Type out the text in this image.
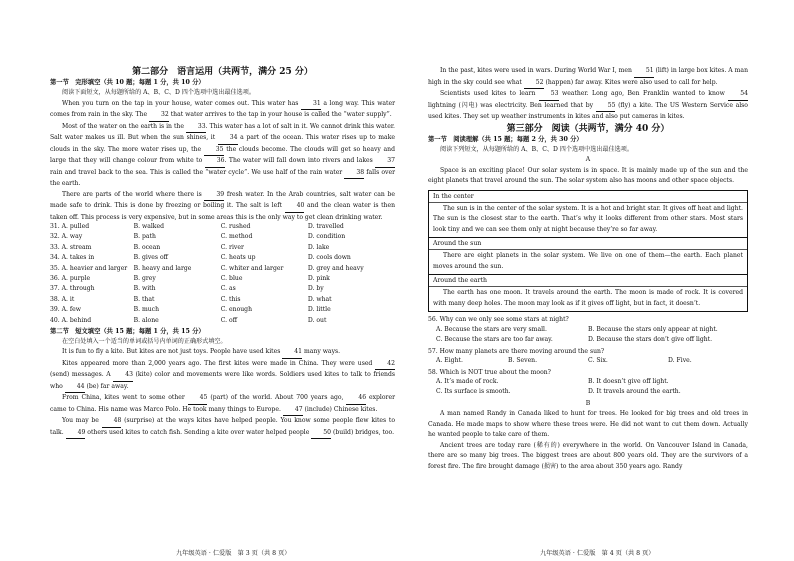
第二部分　语言运用（共两节，满分 25 分）
第一节　完形填空（共 10 题；每题 1 分，共 10 分）
阅读下面短文，从每题所给的 A、B、C、D 四个选项中选出最佳选项。
When you turn on the tap in your house, water comes out. This water has 31 a long way. This water comes from rain in the sky. The 32 that water arrives to the tap in your house is called the “water supply”.
Most of the water on the earth is in the 33. This water has a lot of salt in it. We cannot drink this water. Salt water makes us ill. But when the sun shines, it 34 a part of the ocean. This water rises up to make clouds in the sky. The more water rises up, the 35 the clouds become. The clouds will get so heavy and large that they will change colour from white to 36. The water will fall down into rivers and lakes 37 rain and travel back to the sea. This is called the “water cycle”. We use half of the rain water 38 falls over the earth.
There are parts of the world where there is 39 fresh water. In the Arab countries, salt water can be made safe to drink. This is done by freezing or boiling it. The salt is left 40 and the clean water is then taken off. This process is very expensive, but in some areas this is the only way to get clean drinking water.
31. A. pulled	B. walked	C. rushed	D. travelled
32. A. way	B. path	C. method	D. condition
33. A. stream	B. ocean	C. river	D. lake
34. A. takes in	B. gives off	C. heats up	D. cools down
35. A. heavier and larger	B. heavy and large	C. whiter and larger	D. grey and heavy
36. A. purple	B. grey	C. blue	D. pink
37. A. through	B. with	C. as	D. by
38. A. it	B. that	C. this	D. what
39. A. few	B. much	C. enough	D. little
40. A. behind	B. alone	C. off	D. out
第二节　短文填空（共 15 题；每题 1 分，共 15 分）
在空白处填入一个适当的单词或括号内单词的正确形式填空。
It is fun to fly a kite. But kites are not just toys. People have used kites 41 many ways.
Kites appeared more than 2,000 years ago. The first kites were made in China. They were used 42 (send) messages. A 43 (kite) color and movements were like words. Soldiers used kites to talk to friends who 44 (be) far away.
From China, kites went to some other 45 (part) of the world. About 700 years ago, 46 explorer came to China. His name was Marco Polo. He took many things to Europe. 47 (include) Chinese kites.
You may be 48 (surprise) at the ways kites have helped people. You know some people flew kites to talk. 49 others used kites to catch fish. Sending a kite over water helped people 50 (build) bridges, too.
In the past, kites were used in wars. During World War I, men 51 (lift) in large box kites. A man high in the sky could see what 52 (happen) far away. Kites were also used to call for help.
Scientists used kites to learn 53 weather. Long ago, Ben Franklin wanted to know 54 lightning (闪电) was electricity. Ben learned that by 55 (fly) a kite. The US Western Service also used kites. They set up weather instruments in kites and also put cameras in kites.
第三部分　阅读（共两节，满分 40 分）
第一节　阅读理解（共 15 题；每题 2 分，共 30 分）
阅读下列短文，从每题所给的 A、B、C、D 四个选项中选出最佳选项。
A
Space is an exciting place! Our solar system is in space. It is mainly made up of the sun and the eight planets that travel around the sun. The solar system also has moons and other space objects.
In the center
The sun is in the center of the solar system. It is a hot and bright star. It gives off heat and light. The sun is the closest star to the earth. That’s why it looks different from other stars. Most stars look tiny and we can see them only at night because they’re so far away.
Around the sun
There are eight planets in the solar system. We live on one of them—the earth. Each planet moves around the sun.
Around the earth
The earth has one moon. It travels around the earth. The moon is made of rock. It is covered with many deep holes. The moon may look as if it gives off light, but in fact, it doesn’t.
56. Why can we only see some stars at night?
A. Because the stars are very small.	B. Because the stars only appear at night.
C. Because the stars are too far away.	D. Because the stars don’t give off light.
57. How many planets are there moving around the sun?
A. Eight.	B. Seven.	C. Six.	D. Five.
58. Which is NOT true about the moon?
A. It’s made of rock.	B. It doesn’t give off light.
C. Its surface is smooth.	D. It travels around the earth.
B
A man named Randy in Canada liked to hunt for trees. He looked for big trees and old trees in Canada. He made maps to show where these trees were. He did not want to cut them down. Actually he wanted people to take care of them.
Ancient trees are today rare (稀有的) everywhere in the world. On Vancouver Island in Canada, there are so many big trees. The biggest trees are about 800 years old. They are the survivors of a forest fire. The fire brought damage (损害) to the area about 350 years ago. Randy
九年级英语 · 仁爱版　第 3 页（共 8 页）	九年级英语 · 仁爱版　第 4 页（共 8 页）
